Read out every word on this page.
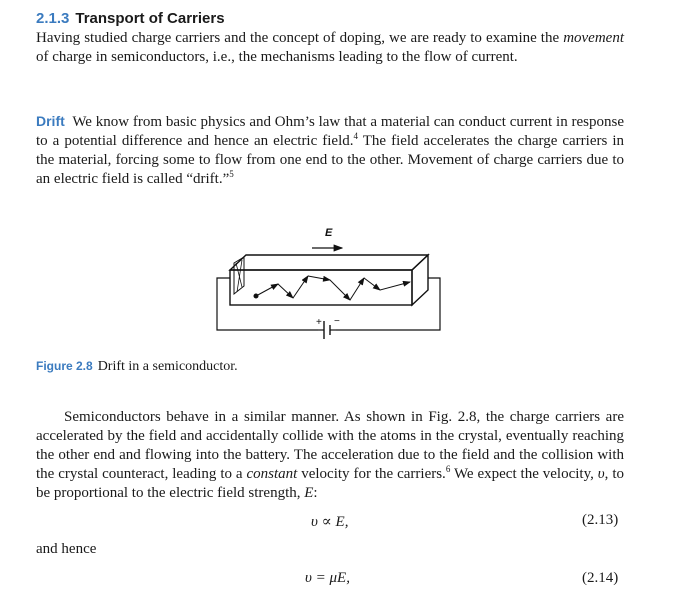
2.1.3 Transport of Carriers

Having studied charge carriers and the concept of doping, we are ready to examine the movement of charge in semiconductors, i.e., the mechanisms leading to the flow of current.

Drift We know from basic physics and Ohm’s law that a material can conduct current in response to a potential difference and hence an electric field.$^4$ The field accelerates the charge carriers in the material, forcing some to flow from one end to the other. Movement of charge carriers due to an electric field is called “drift.”$^5$

E
+ −
Figure 2.8 Drift in a semiconductor.

Semiconductors behave in a similar manner. As shown in Fig. 2.8, the charge carriers are accelerated by the field and accidentally collide with the atoms in the crystal, eventually reaching the other end and flowing into the battery. The acceleration due to the field and the collision with the crystal counteract, leading to a constant velocity for the carriers.$^6$ We expect the velocity, υ, to be proportional to the electric field strength, E:

υ ∝ E,	(2.13)
and hence
υ = μE,	(2.14)
